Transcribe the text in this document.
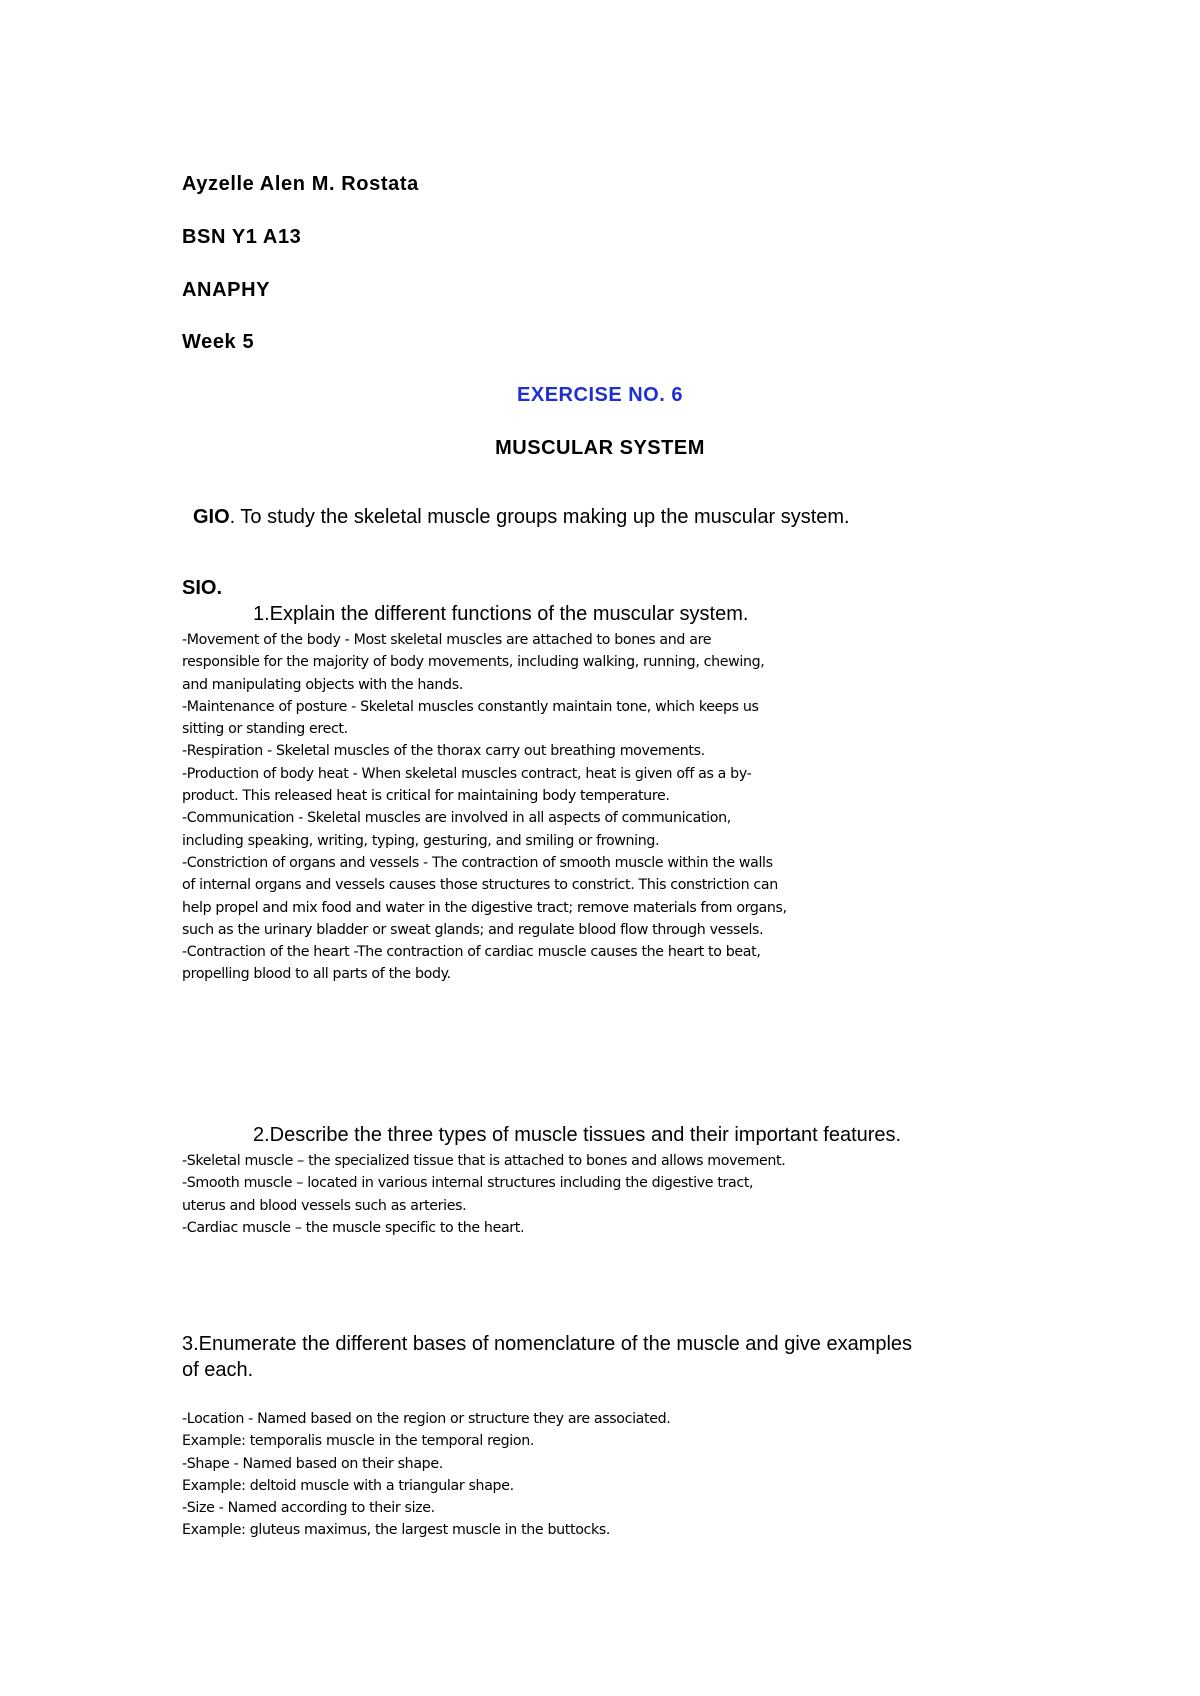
Ayzelle Alen M. Rostata

BSN Y1 A13

ANAPHY

Week 5

EXERCISE NO. 6

MUSCULAR SYSTEM

GIO. To study the skeletal muscle groups making up the muscular system.

SIO.

1.Explain the different functions of the muscular system.

-Movement of the body - Most skeletal muscles are attached to bones and are
responsible for the majority of body movements, including walking, running, chewing,
and manipulating objects with the hands.
-Maintenance of posture - Skeletal muscles constantly maintain tone, which keeps us
sitting or standing erect.
-Respiration - Skeletal muscles of the thorax carry out breathing movements.
-Production of body heat - When skeletal muscles contract, heat is given off as a by-
product. This released heat is critical for maintaining body temperature.
-Communication - Skeletal muscles are involved in all aspects of communication,
including speaking, writing, typing, gesturing, and smiling or frowning.
-Constriction of organs and vessels - The contraction of smooth muscle within the walls
of internal organs and vessels causes those structures to constrict. This constriction can
help propel and mix food and water in the digestive tract; remove materials from organs,
such as the urinary bladder or sweat glands; and regulate blood flow through vessels.
-Contraction of the heart -The contraction of cardiac muscle causes the heart to beat,
propelling blood to all parts of the body.

2.Describe the three types of muscle tissues and their important features.

-Skeletal muscle – the specialized tissue that is attached to bones and allows movement.
-Smooth muscle – located in various internal structures including the digestive tract,
uterus and blood vessels such as arteries.
-Cardiac muscle – the muscle specific to the heart.
3.Enumerate the different bases of nomenclature of the muscle and give examples
of each.
-Location - Named based on the region or structure they are associated.
Example: temporalis muscle in the temporal region.
-Shape - Named based on their shape.
Example: deltoid muscle with a triangular shape.
-Size - Named according to their size.
Example: gluteus maximus, the largest muscle in the buttocks.
